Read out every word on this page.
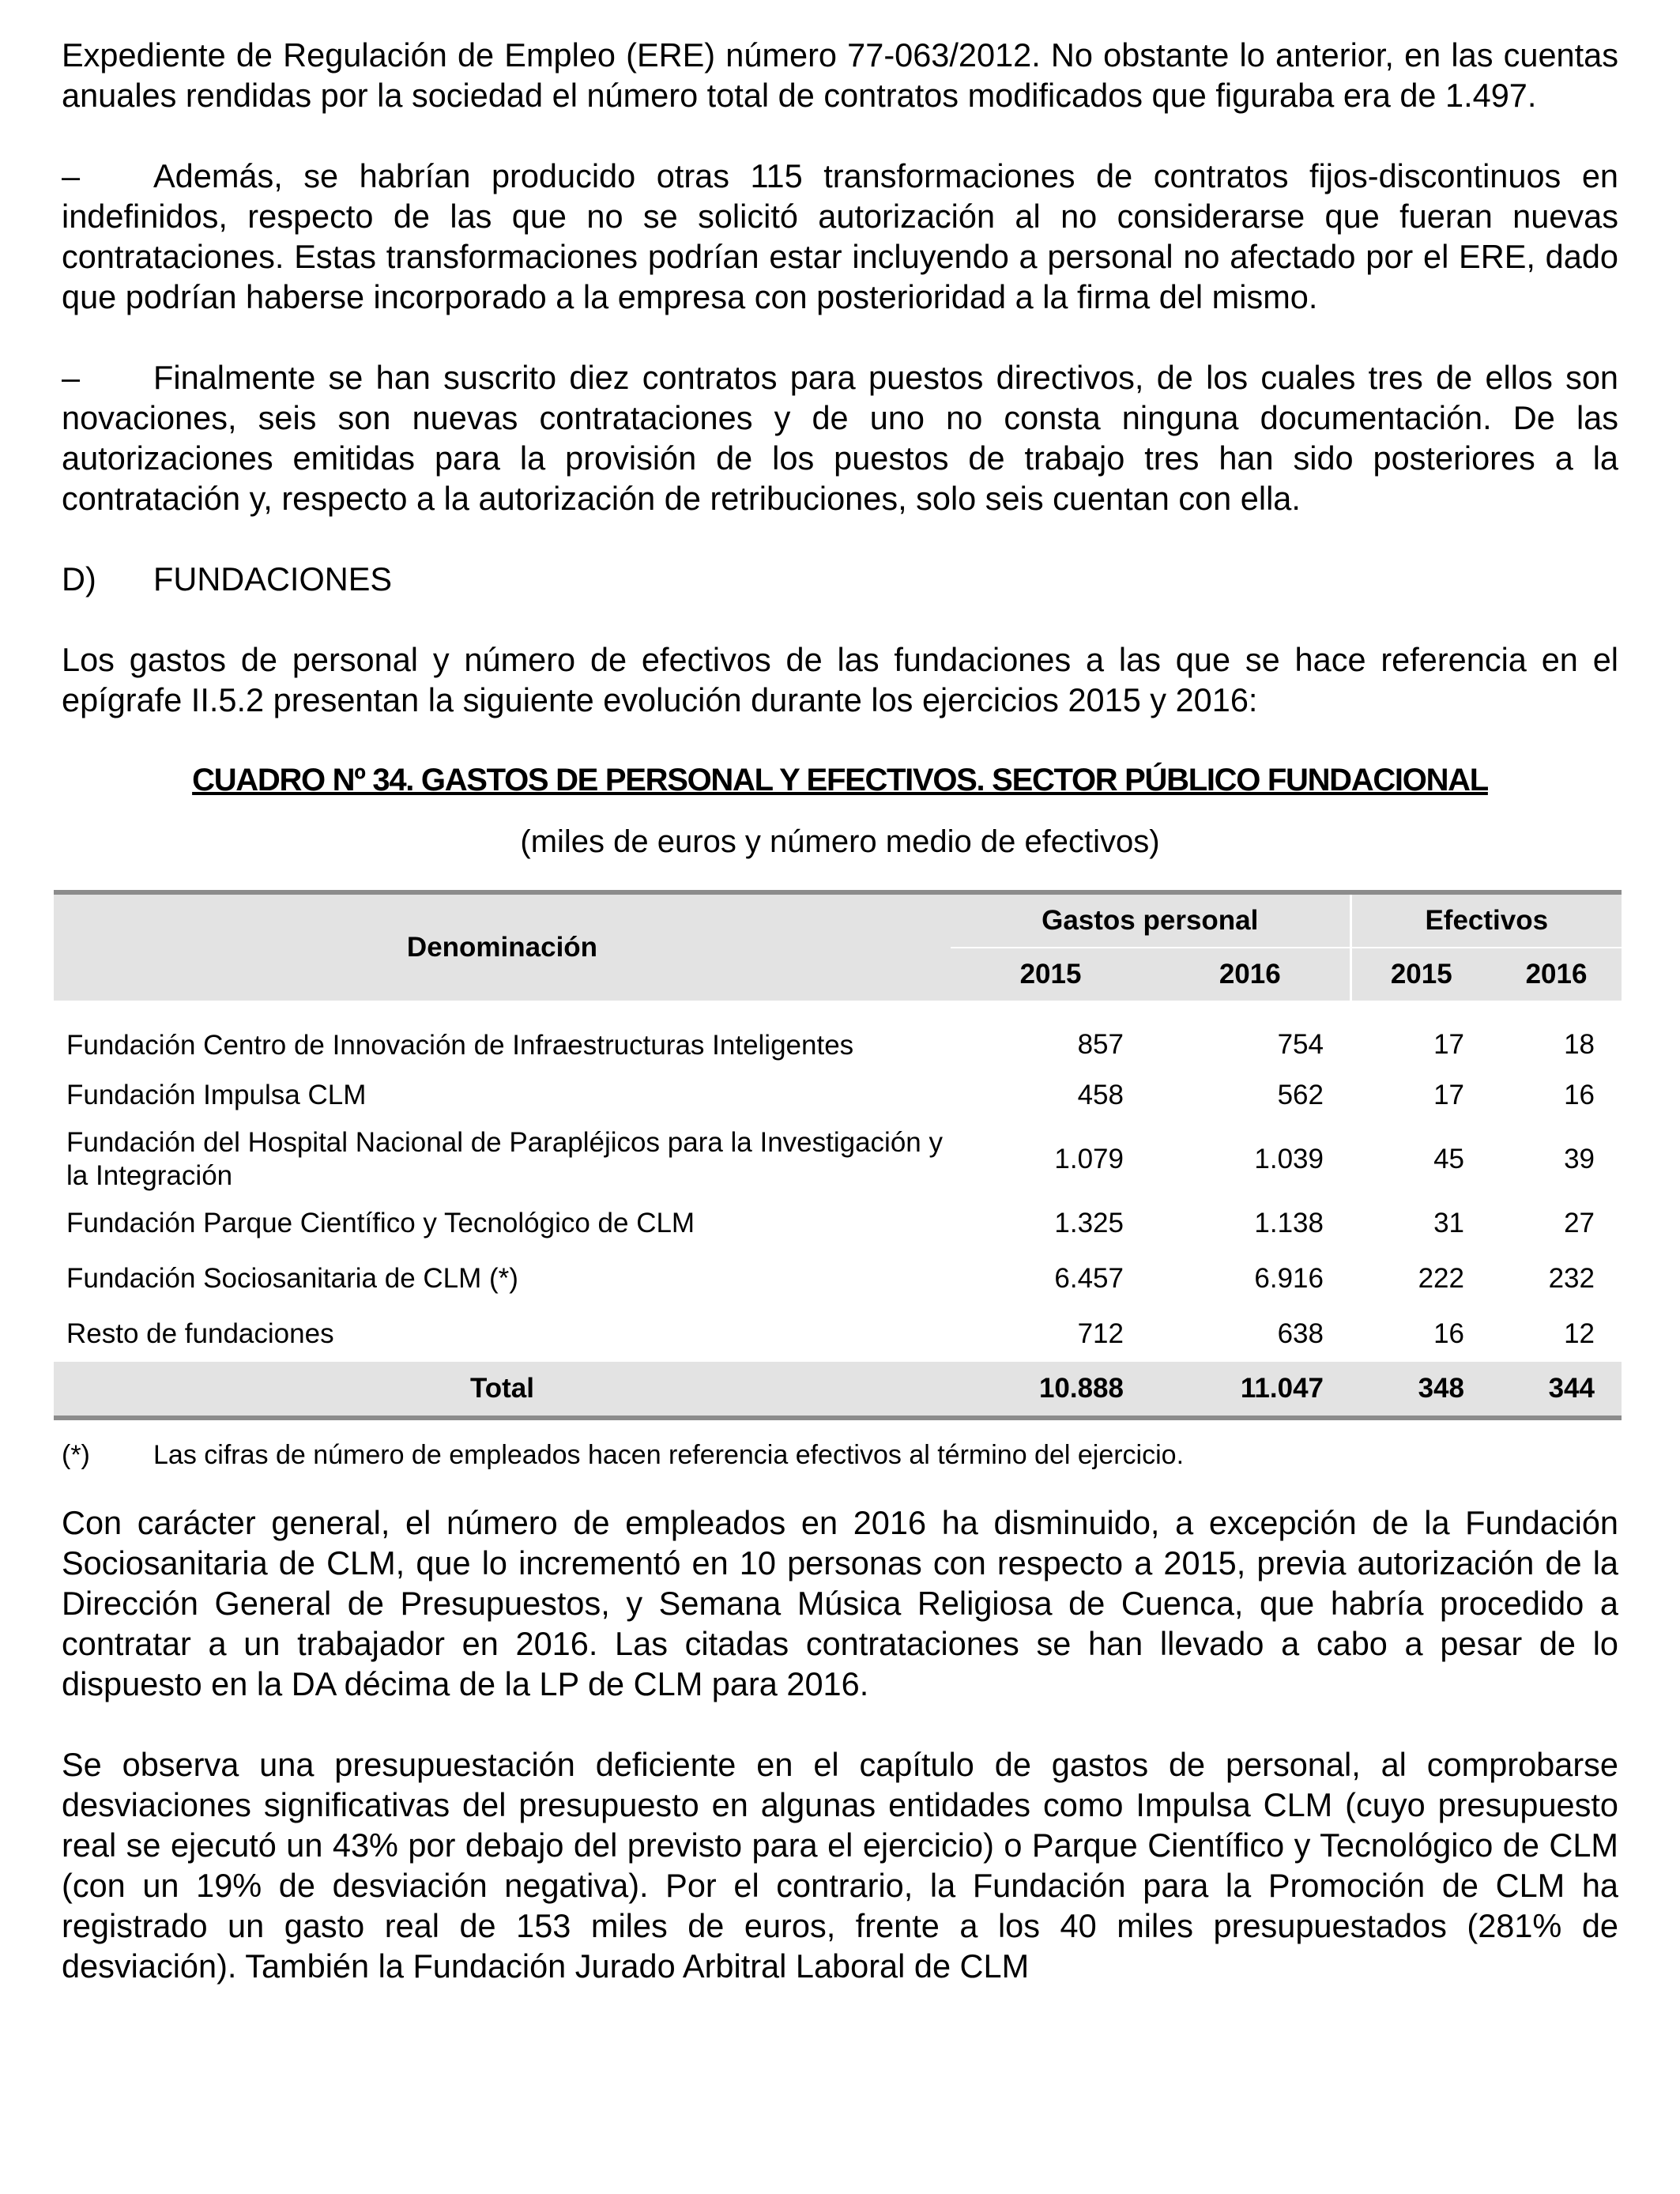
Expediente de Regulación de Empleo (ERE) número 77-063/2012. No obstante lo anterior, en las cuentas anuales rendidas por la sociedad el número total de contratos modificados que figuraba era de 1.497.

– Además, se habrían producido otras 115 transformaciones de contratos fijos-discontinuos en indefinidos, respecto de las que no se solicitó autorización al no considerarse que fueran nuevas contrataciones. Estas transformaciones podrían estar incluyendo a personal no afectado por el ERE, dado que podrían haberse incorporado a la empresa con posterioridad a la firma del mismo.

– Finalmente se han suscrito diez contratos para puestos directivos, de los cuales tres de ellos son novaciones, seis son nuevas contrataciones y de uno no consta ninguna documentación. De las autorizaciones emitidas para la provisión de los puestos de trabajo tres han sido posteriores a la contratación y, respecto a la autorización de retribuciones, solo seis cuentan con ella.

D) FUNDACIONES

Los gastos de personal y número de efectivos de las fundaciones a las que se hace referencia en el epígrafe II.5.2 presentan la siguiente evolución durante los ejercicios 2015 y 2016:

CUADRO Nº 34. GASTOS DE PERSONAL Y EFECTIVOS. SECTOR PÚBLICO FUNDACIONAL
(miles de euros y número medio de efectivos)
Denominación	Gastos personal		Efectivos	
	2015	2016	2015	2016
Fundación Centro de Innovación de Infraestructuras Inteligentes	857	754	17	18
Fundación Impulsa CLM	458	562	17	16
Fundación del Hospital Nacional de Parapléjicos para la Investigación y la Integración	1.079	1.039	45	39
Fundación Parque Científico y Tecnológico de CLM	1.325	1.138	31	27
Fundación Sociosanitaria de CLM (*)	6.457	6.916	222	232
Resto de fundaciones	712	638	16	12
Total	10.888	11.047	348	344
(*) Las cifras de número de empleados hacen referencia efectivos al término del ejercicio.

Con carácter general, el número de empleados en 2016 ha disminuido, a excepción de la Fundación Sociosanitaria de CLM, que lo incrementó en 10 personas con respecto a 2015, previa autorización de la Dirección General de Presupuestos, y Semana Música Religiosa de Cuenca, que habría procedido a contratar a un trabajador en 2016. Las citadas contrataciones se han llevado a cabo a pesar de lo dispuesto en la DA décima de la LP de CLM para 2016.

Se observa una presupuestación deficiente en el capítulo de gastos de personal, al comprobarse desviaciones significativas del presupuesto en algunas entidades como Impulsa CLM (cuyo presupuesto real se ejecutó un 43% por debajo del previsto para el ejercicio) o Parque Científico y Tecnológico de CLM (con un 19% de desviación negativa). Por el contrario, la Fundación para la Promoción de CLM ha registrado un gasto real de 153 miles de euros, frente a los 40 miles presupuestados (281% de desviación). También la Fundación Jurado Arbitral Laboral de CLM
